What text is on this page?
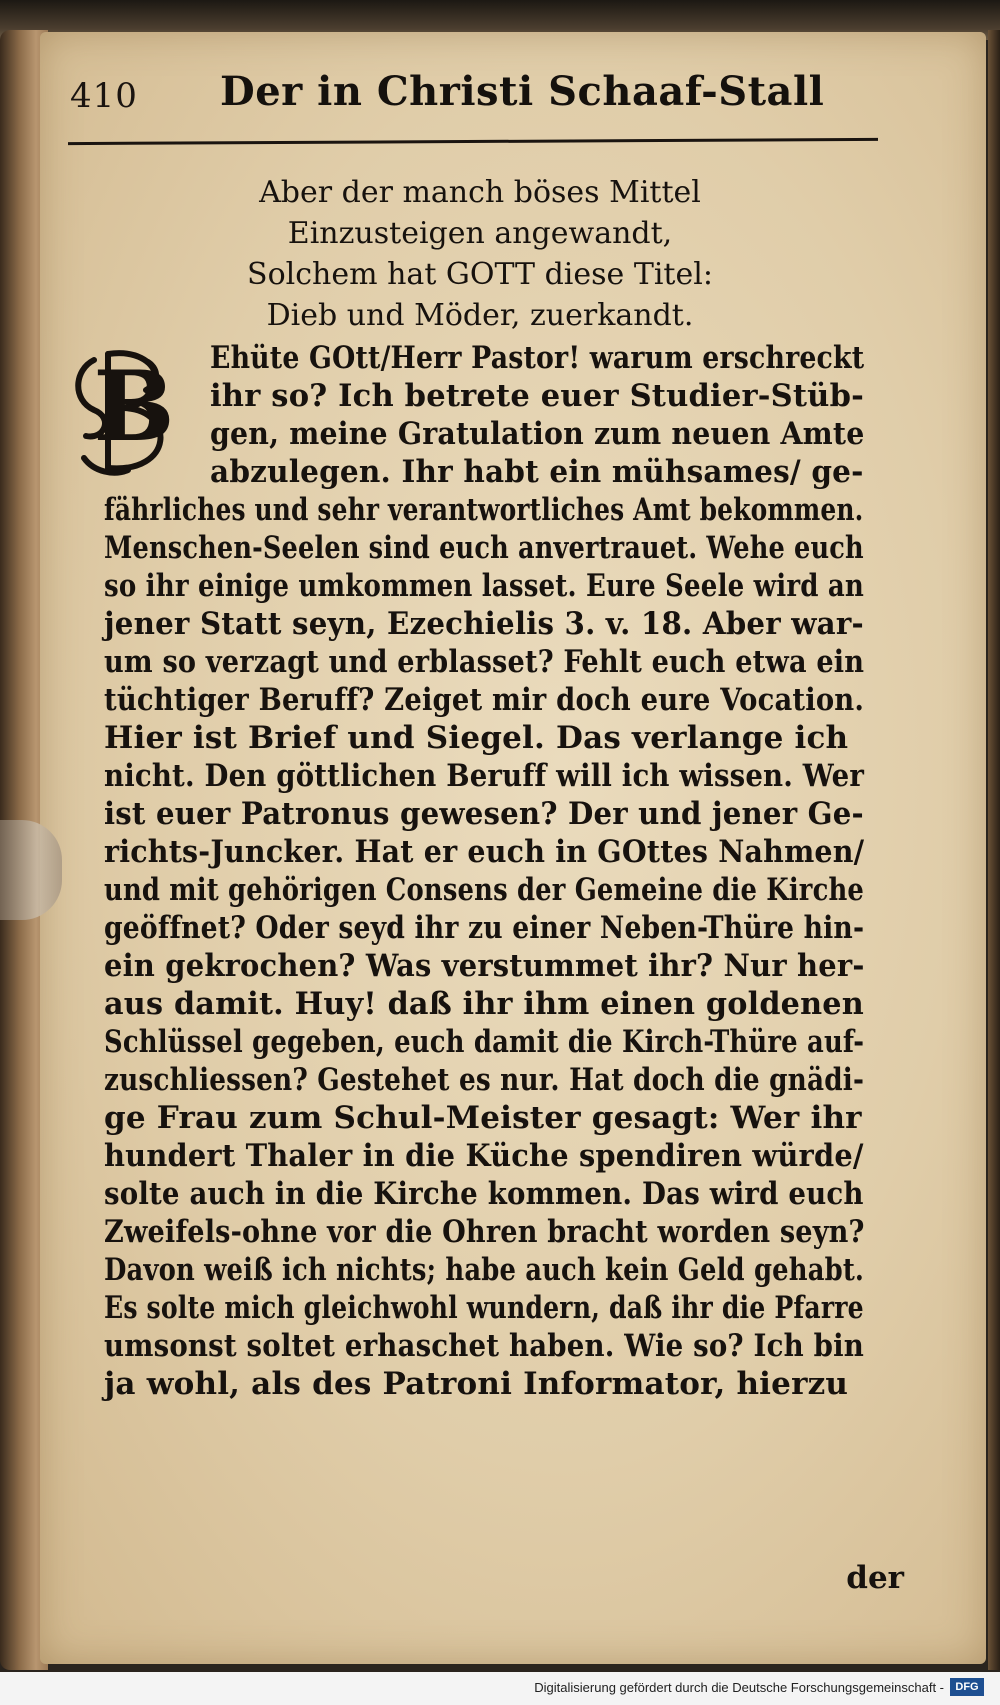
410 Der in Christi Schaaf-Stall
Aber der manch böses Mittel
Einzusteigen angewandt,
Solchem hat GOTT diese Titel:
Dieb und Möder, zuerkandt.
B Ehüte GOtt/Herr Pastor! warum erschreckt
ihr so? Ich betrete euer Studier-Stüb-
gen, meine Gratulation zum neuen Amte
abzulegen. Ihr habt ein mühsames/ ge-
fährliches und sehr verantwortliches Amt bekommen.
Menschen-Seelen sind euch anvertrauet. Wehe euch
so ihr einige umkommen lasset. Eure Seele wird an
jener Statt seyn, Ezechielis 3. v. 18. Aber war-
um so verzagt und erblasset? Fehlt euch etwa ein
tüchtiger Beruff? Zeiget mir doch eure Vocation.
Hier ist Brief und Siegel. Das verlange ich
nicht. Den göttlichen Beruff will ich wissen. Wer
ist euer Patronus gewesen? Der und jener Ge-
richts-Juncker. Hat er euch in GOttes Nahmen/
und mit gehörigen Consens der Gemeine die Kirche
geöffnet? Oder seyd ihr zu einer Neben-Thüre hin-
ein gekrochen? Was verstummet ihr? Nur her-
aus damit. Huy! daß ihr ihm einen goldenen
Schlüssel gegeben, euch damit die Kirch-Thüre auf-
zuschliessen? Gestehet es nur. Hat doch die gnädi-
ge Frau zum Schul-Meister gesagt: Wer ihr
hundert Thaler in die Küche spendiren würde/
solte auch in die Kirche kommen. Das wird euch
Zweifels-ohne vor die Ohren bracht worden seyn?
Davon weiß ich nichts; habe auch kein Geld gehabt.
Es solte mich gleichwohl wundern, daß ihr die Pfarre
umsonst soltet erhaschet haben. Wie so? Ich bin
ja wohl, als des Patroni Informator, hierzu
der
Digitalisierung gefördert durch die Deutsche Forschungsgemeinschaft -	DFG
